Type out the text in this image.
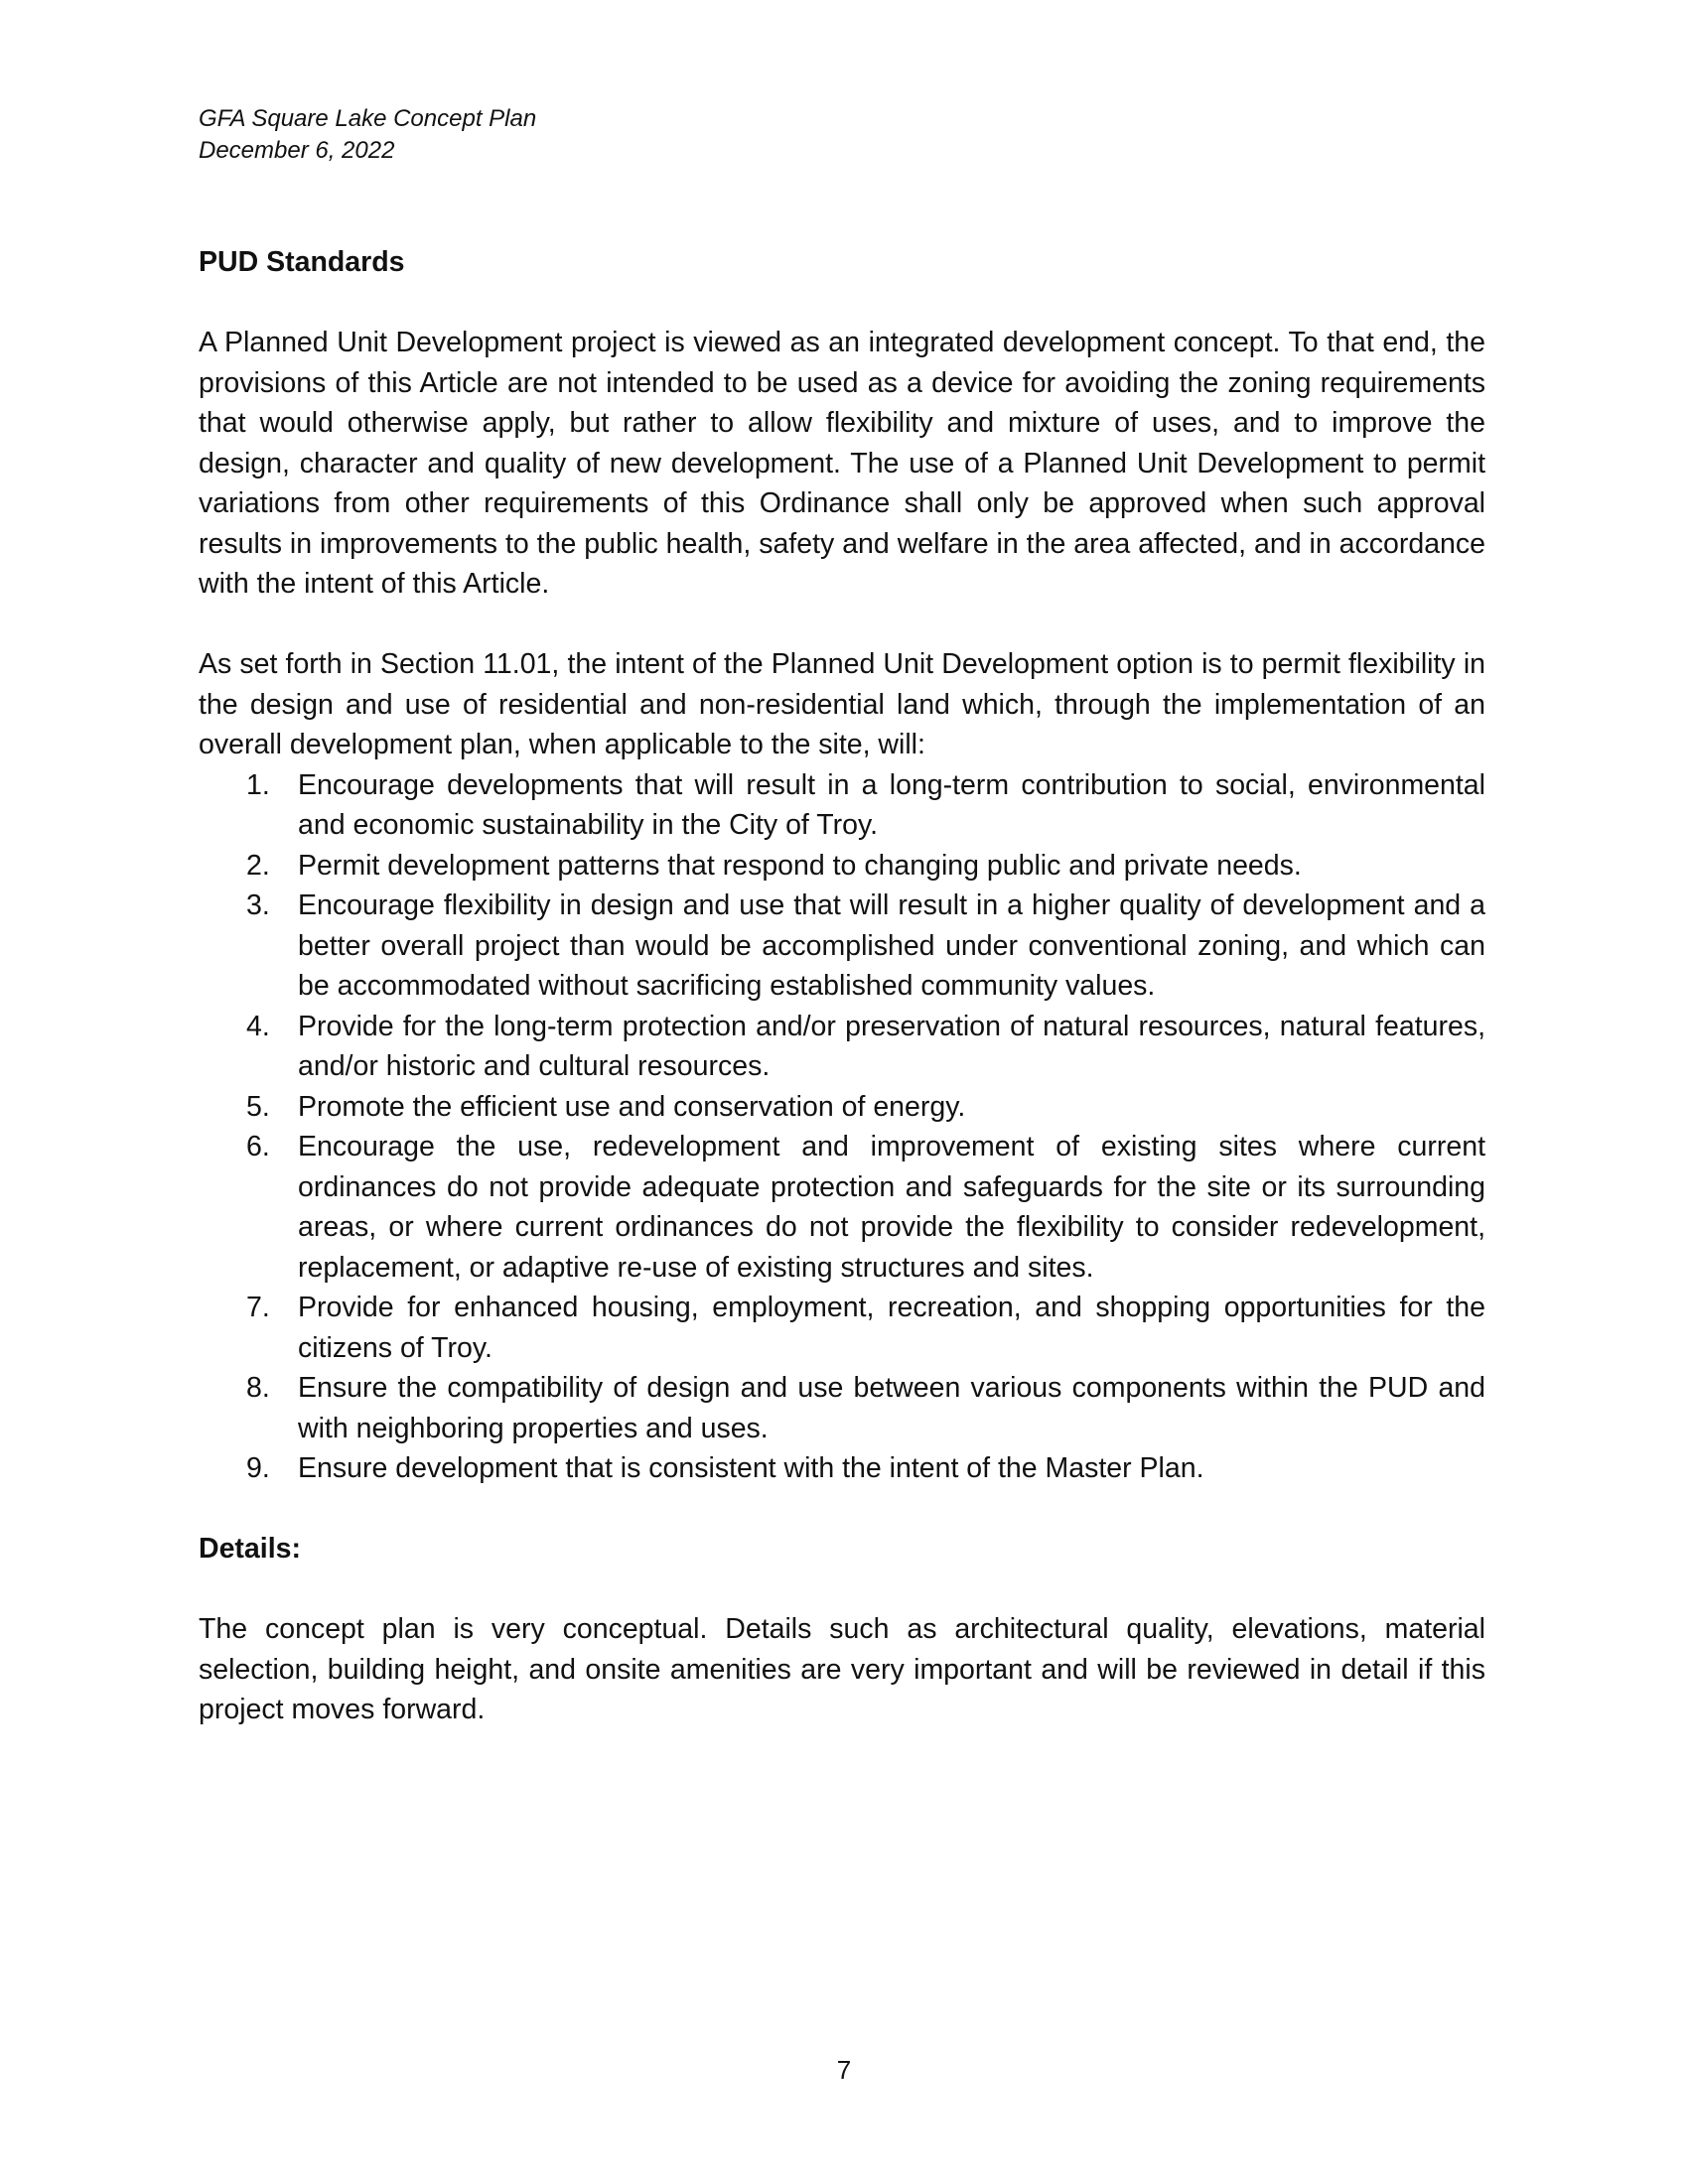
GFA Square Lake Concept Plan
December 6, 2022

PUD Standards

A Planned Unit Development project is viewed as an integrated development concept. To that end, the provisions of this Article are not intended to be used as a device for avoiding the zoning requirements that would otherwise apply, but rather to allow flexibility and mixture of uses, and to improve the design, character and quality of new development. The use of a Planned Unit Development to permit variations from other requirements of this Ordinance shall only be approved when such approval results in improvements to the public health, safety and welfare in the area affected, and in accordance with the intent of this Article.

As set forth in Section 11.01, the intent of the Planned Unit Development option is to permit flexibility in the design and use of residential and non-residential land which, through the implementation of an overall development plan, when applicable to the site, will:

1. Encourage developments that will result in a long-term contribution to social, environmental and economic sustainability in the City of Troy.
2. Permit development patterns that respond to changing public and private needs.
3. Encourage flexibility in design and use that will result in a higher quality of development and a better overall project than would be accomplished under conventional zoning, and which can be accommodated without sacrificing established community values.
4. Provide for the long-term protection and/or preservation of natural resources, natural features, and/or historic and cultural resources.
5. Promote the efficient use and conservation of energy.
6. Encourage the use, redevelopment and improvement of existing sites where current ordinances do not provide adequate protection and safeguards for the site or its surrounding areas, or where current ordinances do not provide the flexibility to consider redevelopment, replacement, or adaptive re-use of existing structures and sites.
7. Provide for enhanced housing, employment, recreation, and shopping opportunities for the citizens of Troy.
8. Ensure the compatibility of design and use between various components within the PUD and with neighboring properties and uses.
9. Ensure development that is consistent with the intent of the Master Plan.

Details:

The concept plan is very conceptual. Details such as architectural quality, elevations, material selection, building height, and onsite amenities are very important and will be reviewed in detail if this project moves forward.

7
